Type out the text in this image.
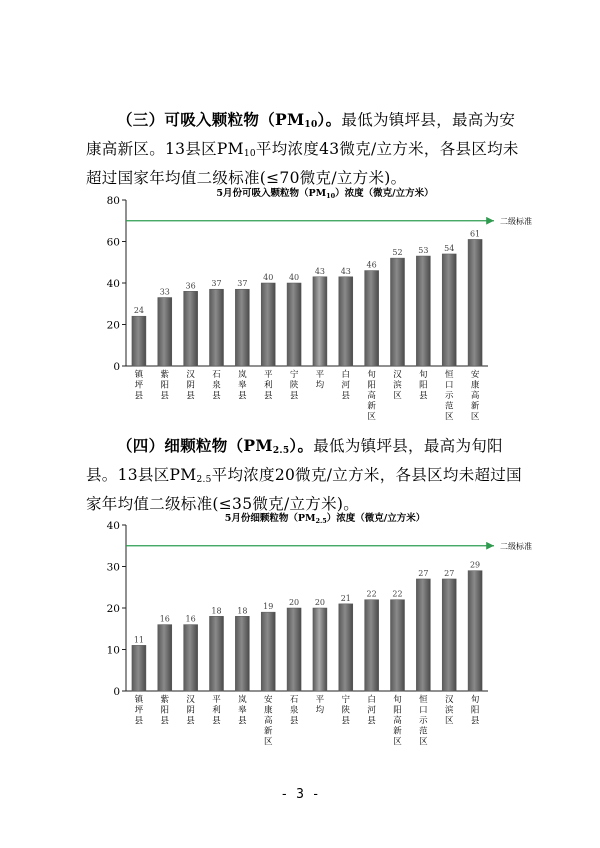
（三）可吸入颗粒物$(PM_{10})$。最低为镇坪县，最高为安康高新区。13县区$PM_{10}$平均浓度43微克/立方米，各县区均未超过国家年均值二级标准(≤70微克/立方米)。

5月份可吸入颗粒物$(PM_{10})$浓度（微克/立方米）
0
20
40
60
80
24
镇坪县
33
紫阳县
36
汉阴县
37
石泉县
37
岚皋县
40
平利县
40
宁陕县
43
平均
43
白河县
46
旬阳高新区
52
汉滨区
53
旬阳县
54
恒口示范区
61
安康高新区
二级标准

（四）细颗粒物$(PM_{2.5})$。最低为镇坪县，最高为旬阳县。13县区$PM_{2.5}$平均浓度20微克/立方米，各县区均未超过国家年均值二级标准(≤35微克/立方米)。

5月份细颗粒物$(PM_{2.5})$浓度（微克/立方米）
0
10
20
30
40
11
镇坪县
16
紫阳县
16
汉阴县
18
平利县
18
岚皋县
19
安康高新区
20
石泉县
20
平均
21
宁陕县
22
白河县
22
旬阳高新区
27
恒口示范区
27
汉滨区
29
旬阳县
二级标准
- 3 -
